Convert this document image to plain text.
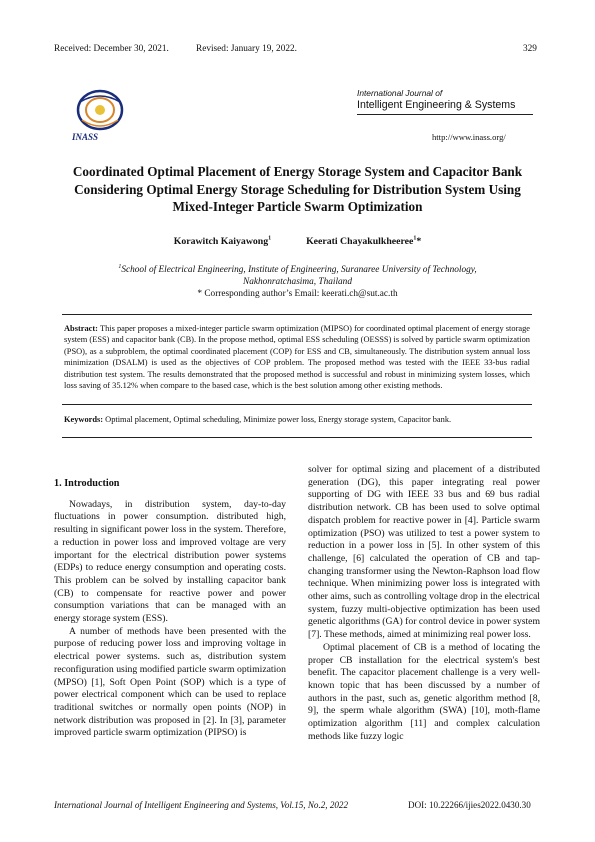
Received: December 30, 2021.	Revised: January 19, 2022.	329
INASS
International Journal of
Intelligent Engineering & Systems
http://www.inass.org/
Coordinated Optimal Placement of Energy Storage System and Capacitor Bank
Considering Optimal Energy Storage Scheduling for Distribution System Using
Mixed-Integer Particle Swarm Optimization
Korawitch Kaiyawong$^1$	Keerati Chayakulkheeree$^1$*
$^1$School of Electrical Engineering, Institute of Engineering, Suranaree University of Technology,
Nakhonratchasima, Thailand
* Corresponding author’s Email: keerati.ch@sut.ac.th
Abstract: This paper proposes a mixed-integer particle swarm optimization (MIPSO) for coordinated optimal placement of energy storage system (ESS) and capacitor bank (CB). In the propose method, optimal ESS scheduling (OESSS) is solved by particle swarm optimization (PSO), as a subproblem, the optimal coordinated placement (COP) for ESS and CB, simultaneously. The distribution system annual loss minimization (DSALM) is used as the objectives of COP problem. The proposed method was tested with the IEEE 33-bus radial distribution test system. The results demonstrated that the proposed method is successful and robust in minimizing system losses, which loss saving of 35.12% when compare to the based case, which is the best solution among other existing methods.
Keywords: Optimal placement, Optimal scheduling, Minimize power loss, Energy storage system, Capacitor bank.

1. Introduction

Nowadays, in distribution system, day-to-day fluctuations in power consumption. distributed high, resulting in significant power loss in the system. Therefore, a reduction in power loss and improved voltage are very important for the electrical distribution power systems (EDPs) to reduce energy consumption and operating costs. This problem can be solved by installing capacitor bank (CB) to compensate for reactive power and power consumption variations that can be managed with an energy storage system (ESS).

A number of methods have been presented with the purpose of reducing power loss and improving voltage in electrical power systems. such as, distribution system reconfiguration using modified particle swarm optimization (MPSO) [1], Soft Open Point (SOP) which is a type of power electrical component which can be used to replace traditional switches or normally open points (NOP) in network distribution was proposed in [2]. In [3], parameter improved particle swarm optimization (PIPSO) is

solver for optimal sizing and placement of a distributed generation (DG), this paper integrating real power supporting of DG with IEEE 33 bus and 69 bus radial distribution network. CB has been used to solve optimal dispatch problem for reactive power in [4]. Particle swarm optimization (PSO) was utilized to test a power system to reduction in a power loss in [5]. In other system of this challenge, [6] calculated the operation of CB and tap-changing transformer using the Newton-Raphson load flow technique. When minimizing power loss is integrated with other aims, such as controlling voltage drop in the electrical system, fuzzy multi-objective optimization has been used genetic algorithms (GA) for control device in power system [7]. These methods, aimed at minimizing real power loss.

Optimal placement of CB is a method of locating the proper CB installation for the electrical system's best benefit. The capacitor placement challenge is a very well-known topic that has been discussed by a number of authors in the past, such as, genetic algorithm method [8, 9], the sperm whale algorithm (SWA) [10], moth-flame optimization algorithm [11] and complex calculation methods like fuzzy logic

International Journal of Intelligent Engineering and Systems, Vol.15, No.2, 2022	DOI: 10.22266/ijies2022.0430.30
